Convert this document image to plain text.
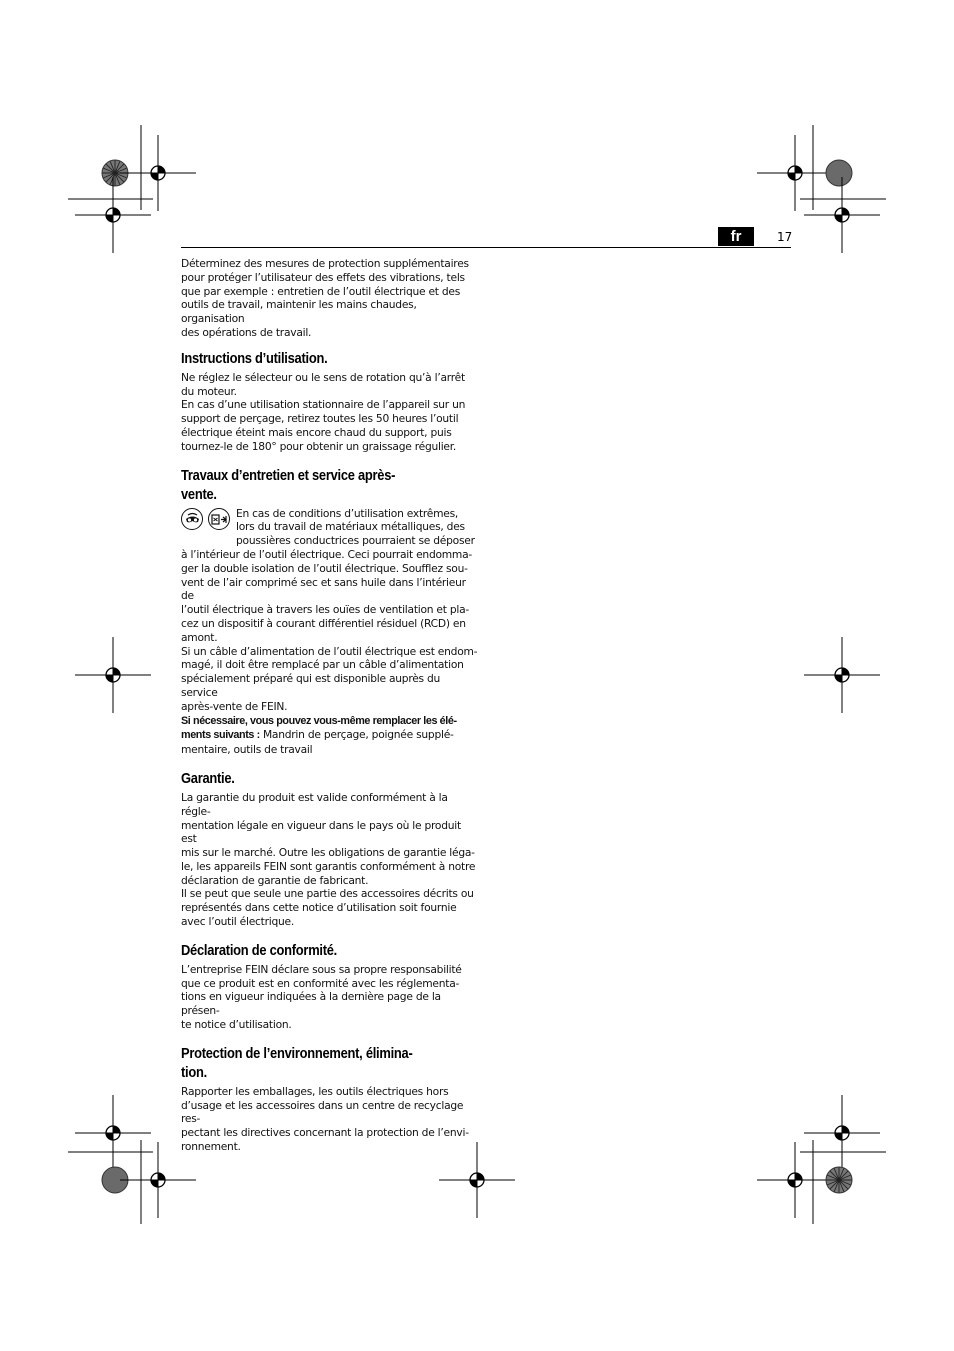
fr	17

Déterminez des mesures de protection supplémentaires
pour protéger l’utilisateur des effets des vibrations, tels
que par exemple : entretien de l’outil électrique et des
outils de travail, maintenir les mains chaudes, organisation
des opérations de travail.

Instructions d’utilisation.

Ne réglez le sélecteur ou le sens de rotation qu’à l’arrêt
du moteur.

En cas d’une utilisation stationnaire de l’appareil sur un
support de perçage, retirez toutes les 50 heures l’outil
électrique éteint mais encore chaud du support, puis
tournez-le de 180° pour obtenir un graissage régulier.

Travaux d’entretien et service après-
vente.

En cas de conditions d’utilisation extrêmes,
lors du travail de matériaux métalliques, des
poussières conductrices pourraient se déposer

à l’intérieur de l’outil électrique. Ceci pourrait endomma-
ger la double isolation de l’outil électrique. Soufflez sou-
vent de l’air comprimé sec et sans huile dans l’intérieur de
l’outil électrique à travers les ouïes de ventilation et pla-
cez un dispositif à courant différentiel résiduel (RCD) en
amont.

Si un câble d’alimentation de l’outil électrique est endom-
magé, il doit être remplacé par un câble d’alimentation
spécialement préparé qui est disponible auprès du service
après-vente de FEIN.

Si nécessaire, vous pouvez vous-même remplacer les élé-
ments suivants : Mandrin de perçage, poignée supplé-
mentaire, outils de travail

Garantie.

La garantie du produit est valide conformément à la régle-
mentation légale en vigueur dans le pays où le produit est
mis sur le marché. Outre les obligations de garantie léga-
le, les appareils FEIN sont garantis conformément à notre
déclaration de garantie de fabricant.

Il se peut que seule une partie des accessoires décrits ou
représentés dans cette notice d’utilisation soit fournie
avec l’outil électrique.

Déclaration de conformité.

L’entreprise FEIN déclare sous sa propre responsabilité
que ce produit est en conformité avec les réglementa-
tions en vigueur indiquées à la dernière page de la présen-
te notice d’utilisation.

Protection de l’environnement, élimina-
tion.

Rapporter les emballages, les outils électriques hors
d’usage et les accessoires dans un centre de recyclage res-
pectant les directives concernant la protection de l’envi-
ronnement.
